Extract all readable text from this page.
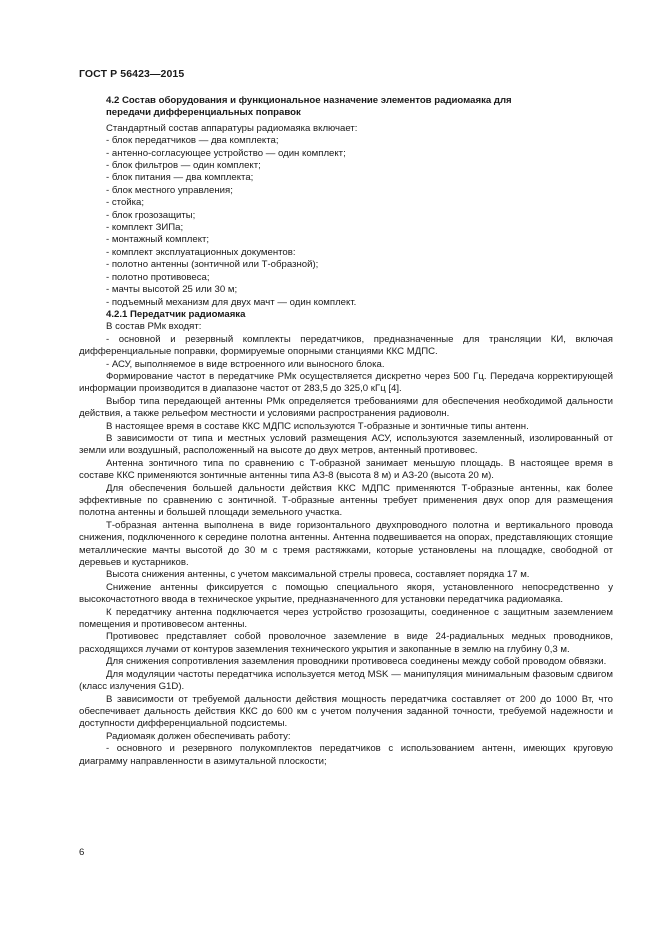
ГОСТ Р 56423—2015

4.2 Состав оборудования и функциональное назначение элементов радиомаяка для

передачи дифференциальных поправок

Стандартный состав аппаратуры радиомаяка включает:

- блок передатчиков — два комплекта;
- антенно-согласующее устройство — один комплект;
- блок фильтров — один комплект;
- блок питания — два комплекта;
- блок местного управления;
- стойка;
- блок грозозащиты;
- комплект ЗИПа;
- монтажный комплект;
- комплект эксплуатационных документов:
- полотно антенны (зонтичной или Т-образной);
- полотно противовеса;
- мачты высотой 25 или 30 м;
- подъемный механизм для двух мачт — один комплект.

4.2.1 Передатчик радиомаяка

В состав РМк входят:

- основной и резервный комплекты передатчиков, предназначенные для трансляции КИ, включая дифференциальные поправки, формируемые опорными станциями ККС МДПС.

- АСУ, выполняемое в виде встроенного или выносного блока.

Формирование частот в передатчике РМк осуществляется дискретно через 500 Гц. Передача корректирующей информации производится в диапазоне частот от 283,5 до 325,0 кГц [4].

Выбор типа передающей антенны РМк определяется требованиями для обеспечения необходимой дальности действия, а также рельефом местности и условиями распространения радиоволн.

В настоящее время в составе ККС МДПС используются Т-образные и зонтичные типы антенн.

В зависимости от типа и местных условий размещения АСУ, используются заземленный, изолированный от земли или воздушный, расположенный на высоте до двух метров, антенный противовес.

Антенна зонтичного типа по сравнению с Т-образной занимает меньшую площадь. В настоящее время в составе ККС применяются зонтичные антенны типа АЗ-8 (высота 8 м) и АЗ-20 (высота 20 м).

Для обеспечения большей дальности действия ККС МДПС применяются Т-образные антенны, как более эффективные по сравнению с зонтичной. Т-образные антенны требует применения двух опор для размещения полотна антенны и большей площади земельного участка.

Т-образная антенна выполнена в виде горизонтального двухпроводного полотна и вертикального провода снижения, подключенного к середине полотна антенны. Антенна подвешивается на опорах, представляющих стоящие металлические мачты высотой до 30 м с тремя растяжками, которые установлены на площадке, свободной от деревьев и кустарников.

Высота снижения антенны, с учетом максимальной стрелы провеса, составляет порядка 17 м.

Снижение антенны фиксируется с помощью специального якоря, установленного непосредственно у высокочастотного ввода в техническое укрытие, предназначенного для установки передатчика радиомаяка.

К передатчику антенна подключается через устройство грозозащиты, соединенное с защитным заземлением помещения и противовесом антенны.

Противовес представляет собой проволочное заземление в виде 24-радиальных медных проводников, расходящихся лучами от контуров заземления технического укрытия и закопанные в землю на глубину 0,3 м.

Для снижения сопротивления заземления проводники противовеса соединены между собой проводом обвязки.

Для модуляции частоты передатчика используется метод MSK — манипуляция минимальным фазовым сдвигом (класс излучения G1D).

В зависимости от требуемой дальности действия мощность передатчика составляет от 200 до 1000 Вт, что обеспечивает дальность действия ККС до 600 км с учетом получения заданной точности, требуемой надежности и доступности дифференциальной подсистемы.

Радиомаяк должен обеспечивать работу:

- основного и резервного полукомплектов передатчиков с использованием антенн, имеющих круговую диаграмму направленности в азимутальной плоскости;

6
